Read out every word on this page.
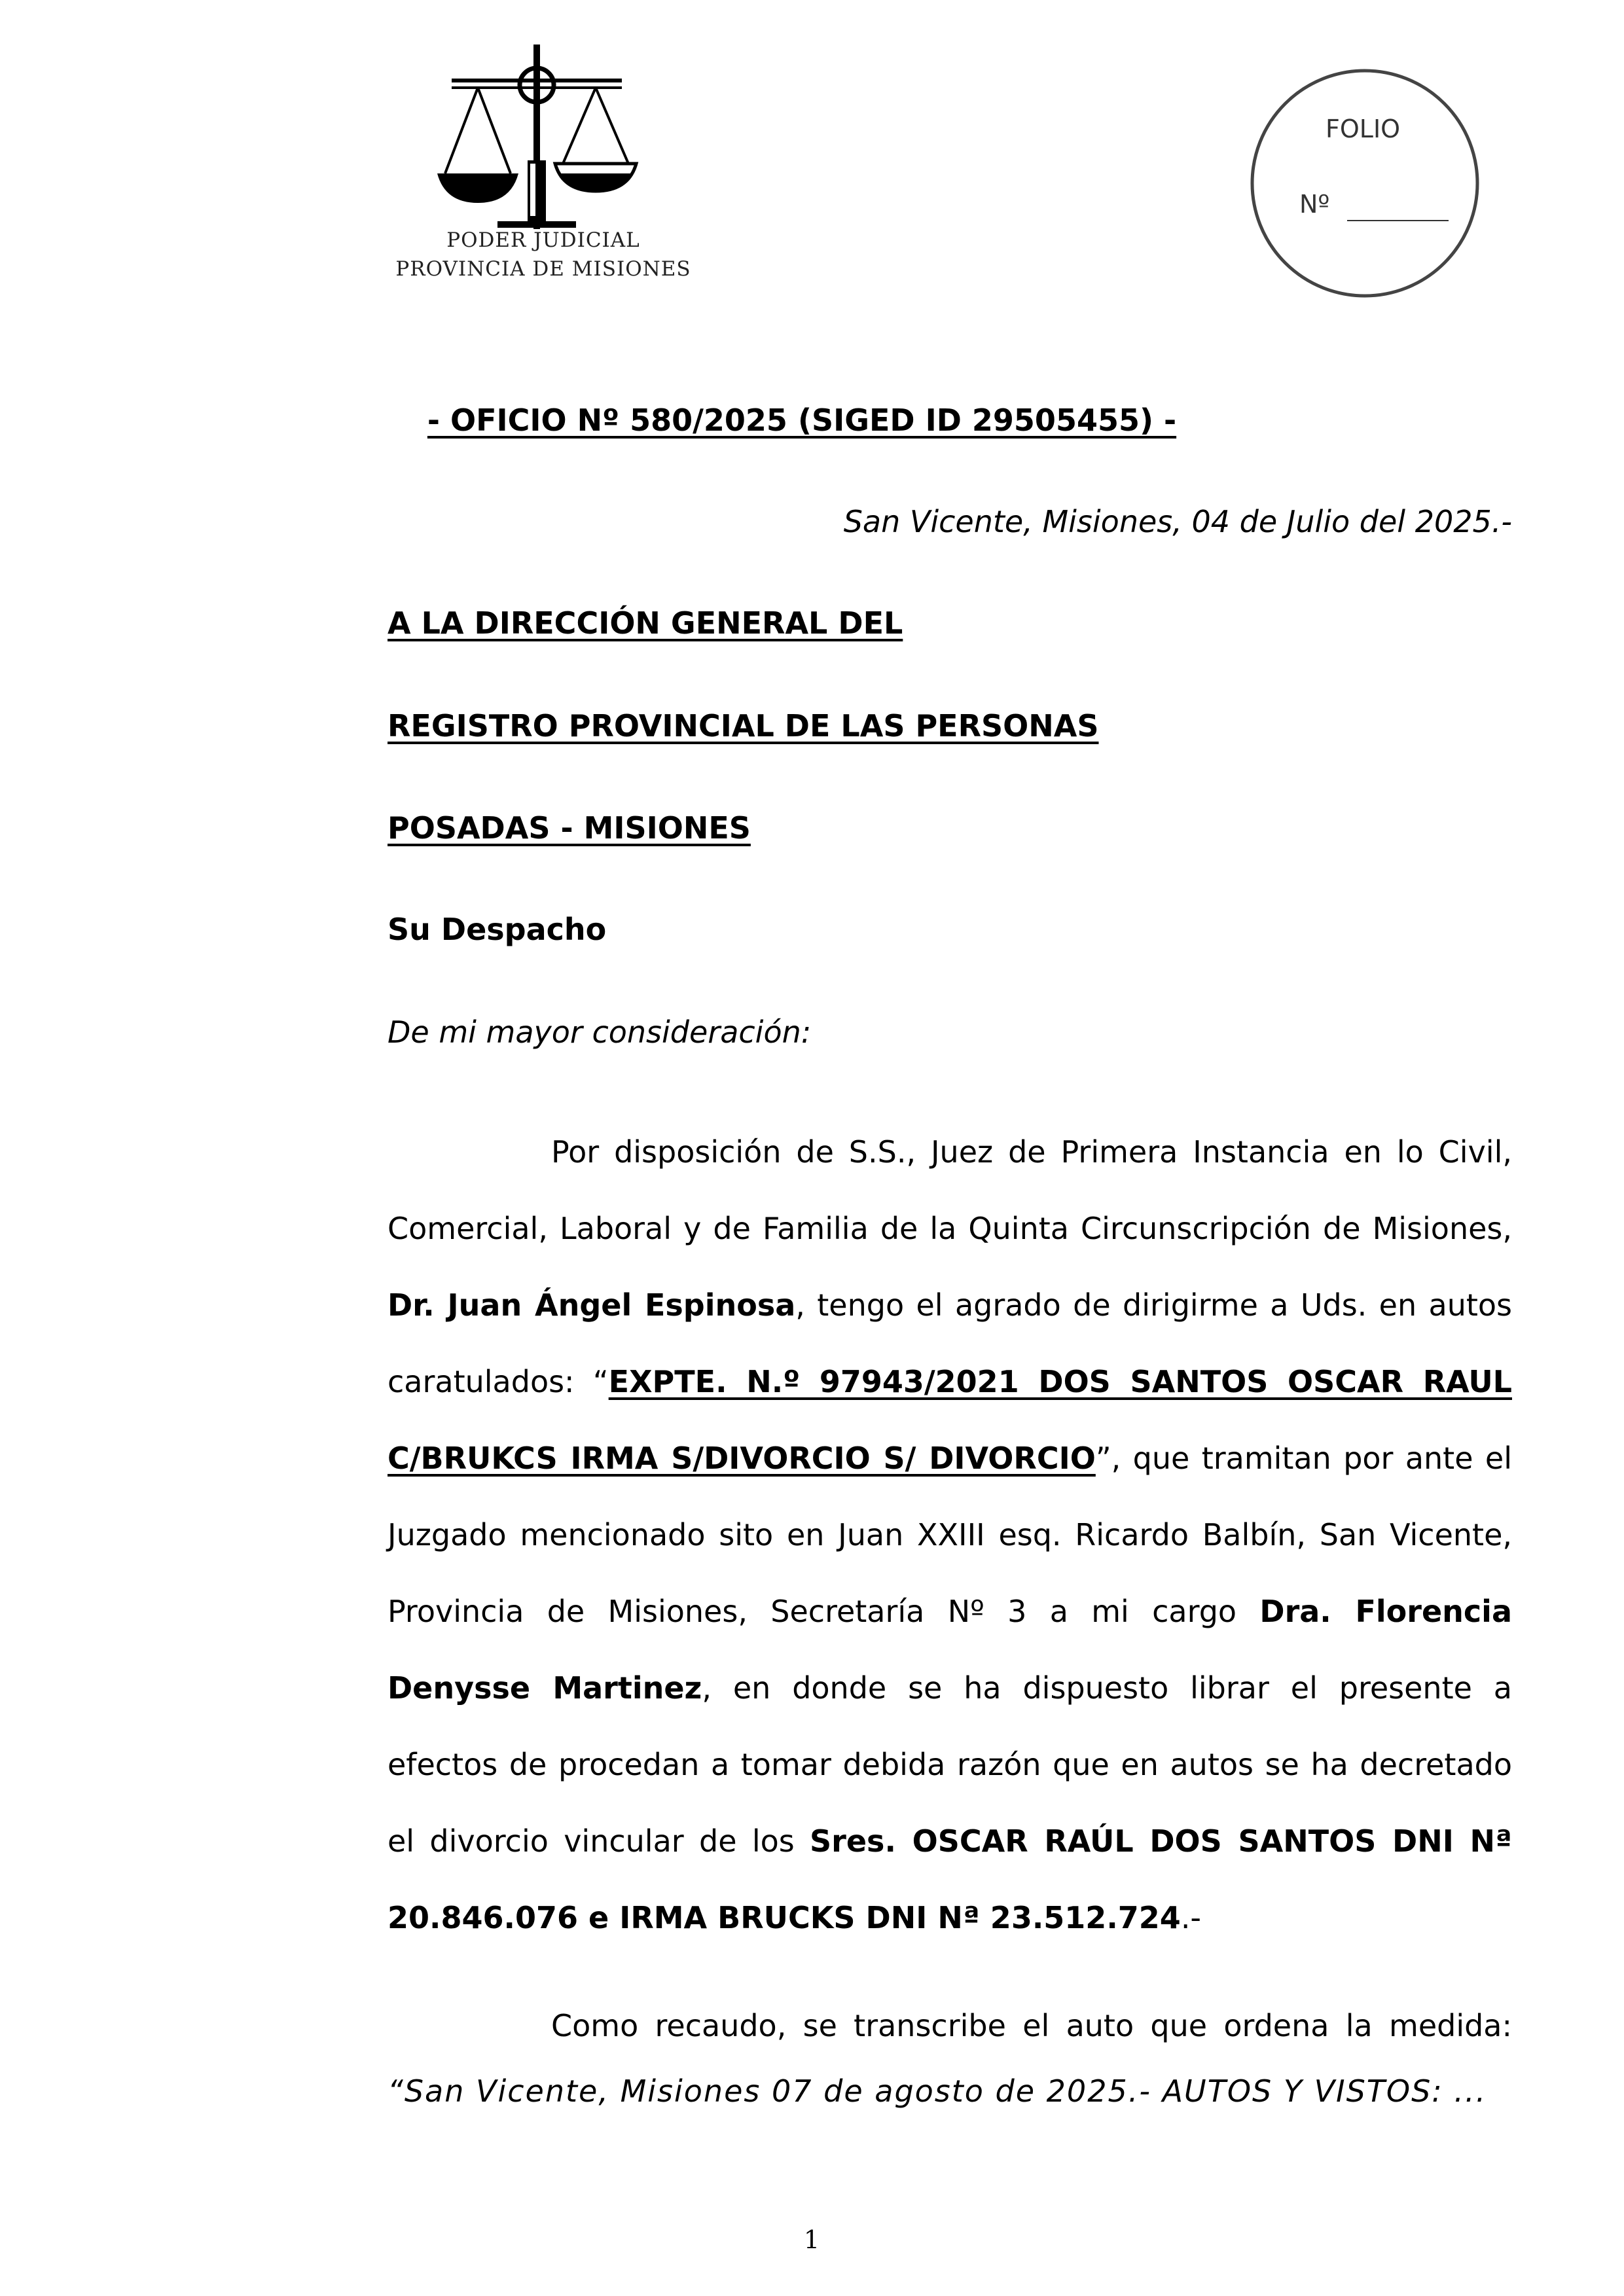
PODER JUDICIAL
PROVINCIA DE MISIONES
FOLIO
Nº
- OFICIO Nº 580/2025 (SIGED ID 29505455) -
San Vicente, Misiones, 04 de Julio del 2025.-
A LA DIRECCIÓN GENERAL DEL
REGISTRO PROVINCIAL DE LAS PERSONAS
POSADAS - MISIONES
Su Despacho
De mi mayor consideración:
Por disposición de S.S., Juez de Primera Instancia en lo Civil, Comercial, Laboral y de Familia de la Quinta Circunscripción de Misiones, Dr. Juan Ángel Espinosa, tengo el agrado de dirigirme a Uds. en autos caratulados: “EXPTE. N.º 97943/2021 DOS SANTOS OSCAR RAUL C/BRUKCS IRMA S/DIVORCIO S/ DIVORCIO”, que tramitan por ante el Juzgado mencionado sito en Juan XXIII esq. Ricardo Balbín, San Vicente, Provincia de Misiones, Secretaría Nº 3 a mi cargo Dra. Florencia Denysse Martinez, en donde se ha dispuesto librar el presente a efectos de procedan a tomar debida razón que en autos se ha decretado el divorcio vincular de los Sres. OSCAR RAÚL DOS SANTOS DNI Nª 20.846.076 e IRMA BRUCKS DNI Nª 23.512.724.-
Como recaudo, se transcribe el auto que ordena la medida: “San Vicente, Misiones 07 de agosto de 2025.- AUTOS Y VISTOS: ...
1
